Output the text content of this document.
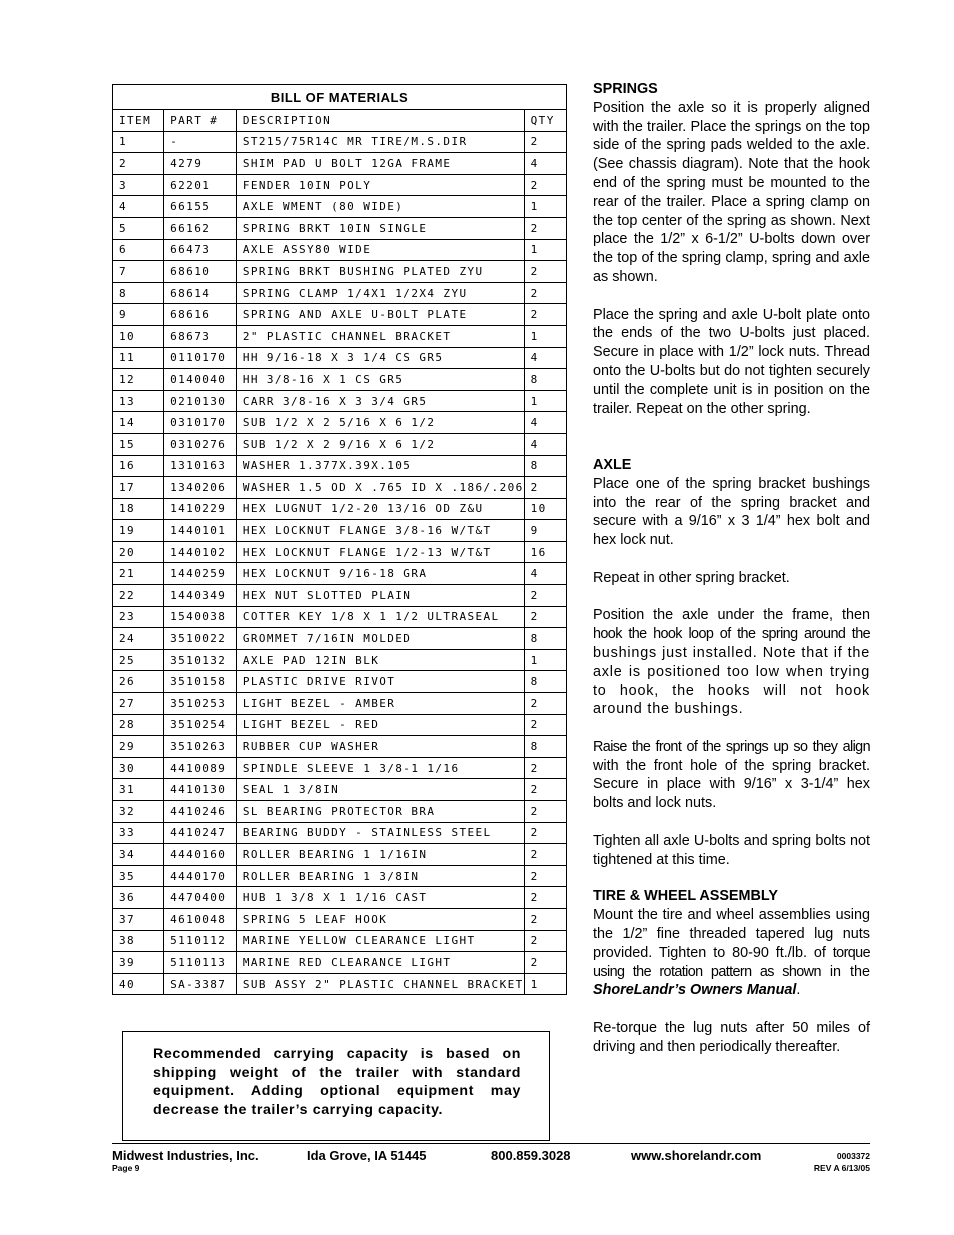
BILL OF MATERIALS			
ITEM	PART #	DESCRIPTION	QTY
1	-	ST215/75R14C MR TIRE/M.S.DIR	2
2	4279	SHIM PAD U BOLT 12GA FRAME	4
3	62201	FENDER 10IN POLY	2
4	66155	AXLE WMENT (80 WIDE)	1
5	66162	SPRING BRKT 10IN SINGLE	2
6	66473	AXLE ASSY80 WIDE	1
7	68610	SPRING BRKT BUSHING PLATED ZYU	2
8	68614	SPRING CLAMP 1/4X1 1/2X4 ZYU	2
9	68616	SPRING AND AXLE U-BOLT PLATE	2
10	68673	2" PLASTIC CHANNEL BRACKET	1
11	0110170	HH 9/16-18 X 3 1/4 CS GR5	4
12	0140040	HH 3/8-16 X 1 CS GR5	8
13	0210130	CARR 3/8-16 X 3 3/4 GR5	1
14	0310170	SUB 1/2 X 2 5/16 X 6 1/2	4
15	0310276	SUB 1/2 X 2 9/16 X 6 1/2	4
16	1310163	WASHER 1.377X.39X.105	8
17	1340206	WASHER 1.5 OD X .765 ID X .186/.206	2
18	1410229	HEX LUGNUT 1/2-20 13/16 OD Z&U	10
19	1440101	HEX LOCKNUT FLANGE 3/8-16 W/T&T	9
20	1440102	HEX LOCKNUT FLANGE 1/2-13 W/T&T	16
21	1440259	HEX LOCKNUT 9/16-18 GRA	4
22	1440349	HEX NUT SLOTTED PLAIN	2
23	1540038	COTTER KEY 1/8 X 1 1/2 ULTRASEAL	2
24	3510022	GROMMET 7/16IN MOLDED	8
25	3510132	AXLE PAD 12IN BLK	1
26	3510158	PLASTIC DRIVE RIVOT	8
27	3510253	LIGHT BEZEL - AMBER	2
28	3510254	LIGHT BEZEL - RED	2
29	3510263	RUBBER CUP WASHER	8
30	4410089	SPINDLE SLEEVE 1 3/8-1 1/16	2
31	4410130	SEAL 1 3/8IN	2
32	4410246	SL BEARING PROTECTOR BRA	2
33	4410247	BEARING BUDDY - STAINLESS STEEL	2
34	4440160	ROLLER BEARING 1 1/16IN	2
35	4440170	ROLLER BEARING 1 3/8IN	2
36	4470400	HUB 1 3/8 X 1 1/16 CAST	2
37	4610048	SPRING 5 LEAF HOOK	2
38	5110112	MARINE YELLOW CLEARANCE LIGHT	2
39	5110113	MARINE RED CLEARANCE LIGHT	2
40	SA-3387	SUB ASSY 2" PLASTIC CHANNEL BRACKET	1
Recommended carrying capacity is based on shipping weight of the trailer with standard equipment. Adding optional equipment may decrease the trailer’s carrying capacity.
SPRINGS

Position the axle so it is properly aligned with the trailer. Place the springs on the top side of the spring pads welded to the axle. (See chassis diagram). Note that the hook end of the spring must be mounted to the rear of the trailer. Place a spring clamp on the top center of the spring as shown. Next place the 1/2” x 6-1/2” U-bolts down over the top of the spring clamp, spring and axle as shown.

Place the spring and axle U-bolt plate onto the ends of the two U-bolts just placed. Secure in place with 1/2” lock nuts. Thread onto the U-bolts but do not tighten securely until the complete unit is in position on the trailer. Repeat on the other spring.

AXLE

Place one of the spring bracket bushings into the rear of the spring bracket and secure with a 9/16” x 3 1/4” hex bolt and hex lock nut.

Repeat in other spring bracket.

Position the axle under the frame, then hook the hook loop of the spring around the bushings just installed. Note that if the axle is positioned too low when trying to hook, the hooks will not hook around the bushings.

Raise the front of the springs up so they align with the front hole of the spring bracket. Secure in place with 9/16” x 3-1/4” hex bolts and lock nuts.

Tighten all axle U-bolts and spring bolts not tightened at this time.

TIRE & WHEEL ASSEMBLY

Mount the tire and wheel assemblies using the 1/2” fine threaded tapered lug nuts provided. Tighten to 80-90 ft./lb. of torque using the rotation pattern as shown in the ShoreLandr’s Owners Manual.

Re-torque the lug nuts after 50 miles of driving and then periodically thereafter.

Midwest Industries, Inc.	Ida Grove, IA 51445	800.859.3028	www.shorelandr.com
Page 9
0003372
REV A 6/13/05
